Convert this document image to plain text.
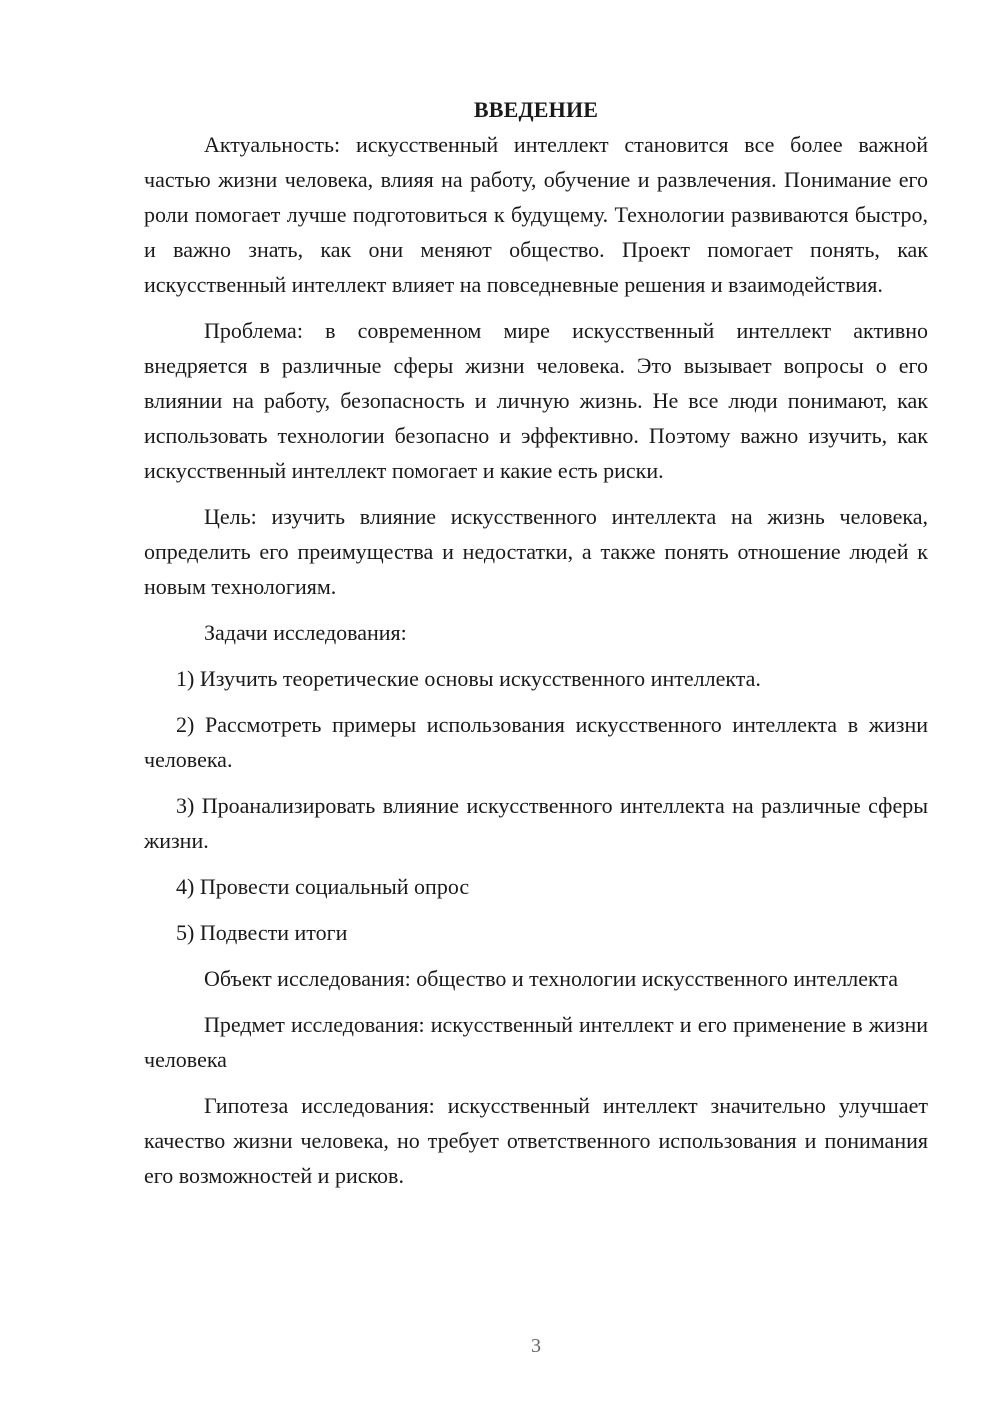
ВВЕДЕНИЕ

Актуальность: искусственный интеллект становится все более важной частью жизни человека, влияя на работу, обучение и развлечения. Понимание его роли помогает лучше подготовиться к будущему. Технологии развиваются быстро, и важно знать, как они меняют общество. Проект помогает понять, как искусственный интеллект влияет на повседневные решения и взаимодействия.

Проблема: в современном мире искусственный интеллект активно внедряется в различные сферы жизни человека. Это вызывает вопросы о его влиянии на работу, безопасность и личную жизнь. Не все люди понимают, как использовать технологии безопасно и эффективно. Поэтому важно изучить, как искусственный интеллект помогает и какие есть риски.

Цель: изучить влияние искусственного интеллекта на жизнь человека, определить его преимущества и недостатки, а также понять отношение людей к новым технологиям.

Задачи исследования:

1) Изучить теоретические основы искусственного интеллекта.

2) Рассмотреть примеры использования искусственного интеллекта в жизни человека.

3) Проанализировать влияние искусственного интеллекта на различные сферы жизни.

4) Провести социальный опрос

5) Подвести итоги

Объект исследования: общество и технологии искусственного интеллекта

Предмет исследования: искусственный интеллект и его применение в жизни человека

Гипотеза исследования: искусственный интеллект значительно улучшает качество жизни человека, но требует ответственного использования и понимания его возможностей и рисков.

3
